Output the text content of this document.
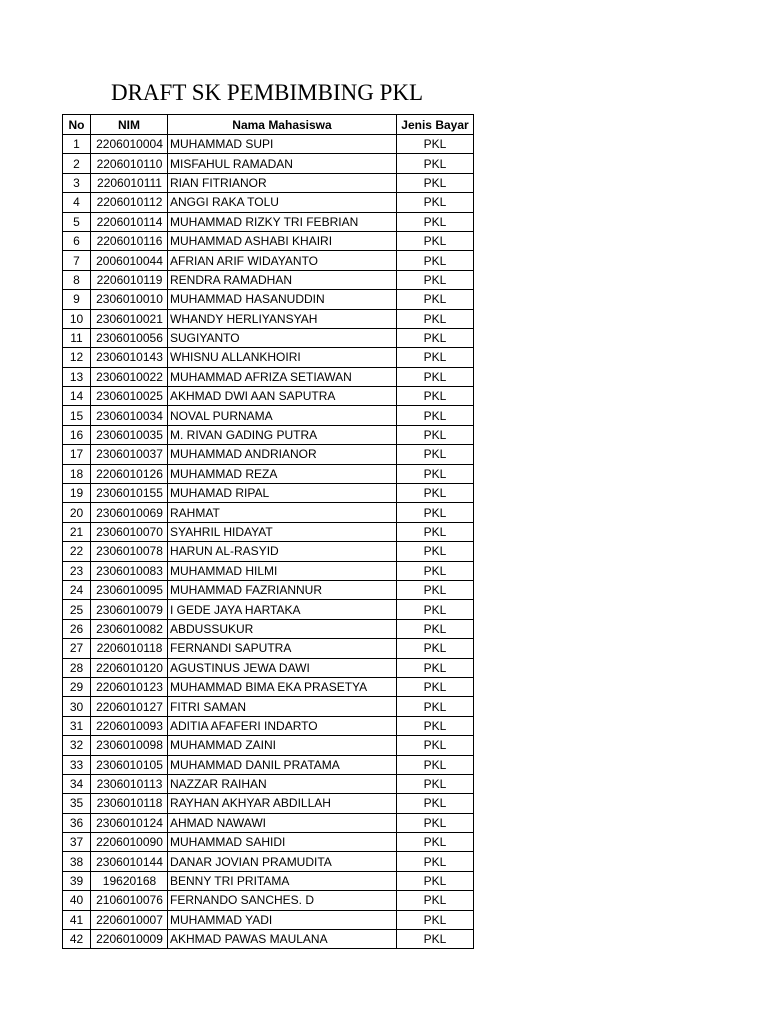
DRAFT SK PEMBIMBING PKL
No	NIM	Nama Mahasiswa	Jenis Bayar
1	2206010004	MUHAMMAD SUPI	PKL
2	2206010110	MISFAHUL RAMADAN	PKL
3	2206010111	RIAN FITRIANOR	PKL
4	2206010112	ANGGI RAKA TOLU	PKL
5	2206010114	MUHAMMAD RIZKY TRI FEBRIAN	PKL
6	2206010116	MUHAMMAD ASHABI KHAIRI	PKL
7	2006010044	AFRIAN ARIF WIDAYANTO	PKL
8	2206010119	RENDRA RAMADHAN	PKL
9	2306010010	MUHAMMAD HASANUDDIN	PKL
10	2306010021	WHANDY HERLIYANSYAH	PKL
11	2306010056	SUGIYANTO	PKL
12	2306010143	WHISNU ALLANKHOIRI	PKL
13	2306010022	MUHAMMAD AFRIZA SETIAWAN	PKL
14	2306010025	AKHMAD DWI AAN SAPUTRA	PKL
15	2306010034	NOVAL PURNAMA	PKL
16	2306010035	M. RIVAN GADING PUTRA	PKL
17	2306010037	MUHAMMAD ANDRIANOR	PKL
18	2206010126	MUHAMMAD REZA	PKL
19	2306010155	MUHAMAD RIPAL	PKL
20	2306010069	RAHMAT	PKL
21	2306010070	SYAHRIL HIDAYAT	PKL
22	2306010078	HARUN AL-RASYID	PKL
23	2306010083	MUHAMMAD HILMI	PKL
24	2306010095	MUHAMMAD FAZRIANNUR	PKL
25	2306010079	I GEDE JAYA HARTAKA	PKL
26	2306010082	ABDUSSUKUR	PKL
27	2206010118	FERNANDI SAPUTRA	PKL
28	2206010120	AGUSTINUS JEWA DAWI	PKL
29	2206010123	MUHAMMAD BIMA EKA PRASETYA	PKL
30	2206010127	FITRI SAMAN	PKL
31	2206010093	ADITIA AFAFERI INDARTO	PKL
32	2306010098	MUHAMMAD ZAINI	PKL
33	2306010105	MUHAMMAD DANIL PRATAMA	PKL
34	2306010113	NAZZAR RAIHAN	PKL
35	2306010118	RAYHAN AKHYAR ABDILLAH	PKL
36	2306010124	AHMAD NAWAWI	PKL
37	2206010090	MUHAMMAD SAHIDI	PKL
38	2306010144	DANAR JOVIAN PRAMUDITA	PKL
39	19620168	BENNY TRI PRITAMA	PKL
40	2106010076	FERNANDO SANCHES. D	PKL
41	2206010007	MUHAMMAD YADI	PKL
42	2206010009	AKHMAD PAWAS MAULANA	PKL
